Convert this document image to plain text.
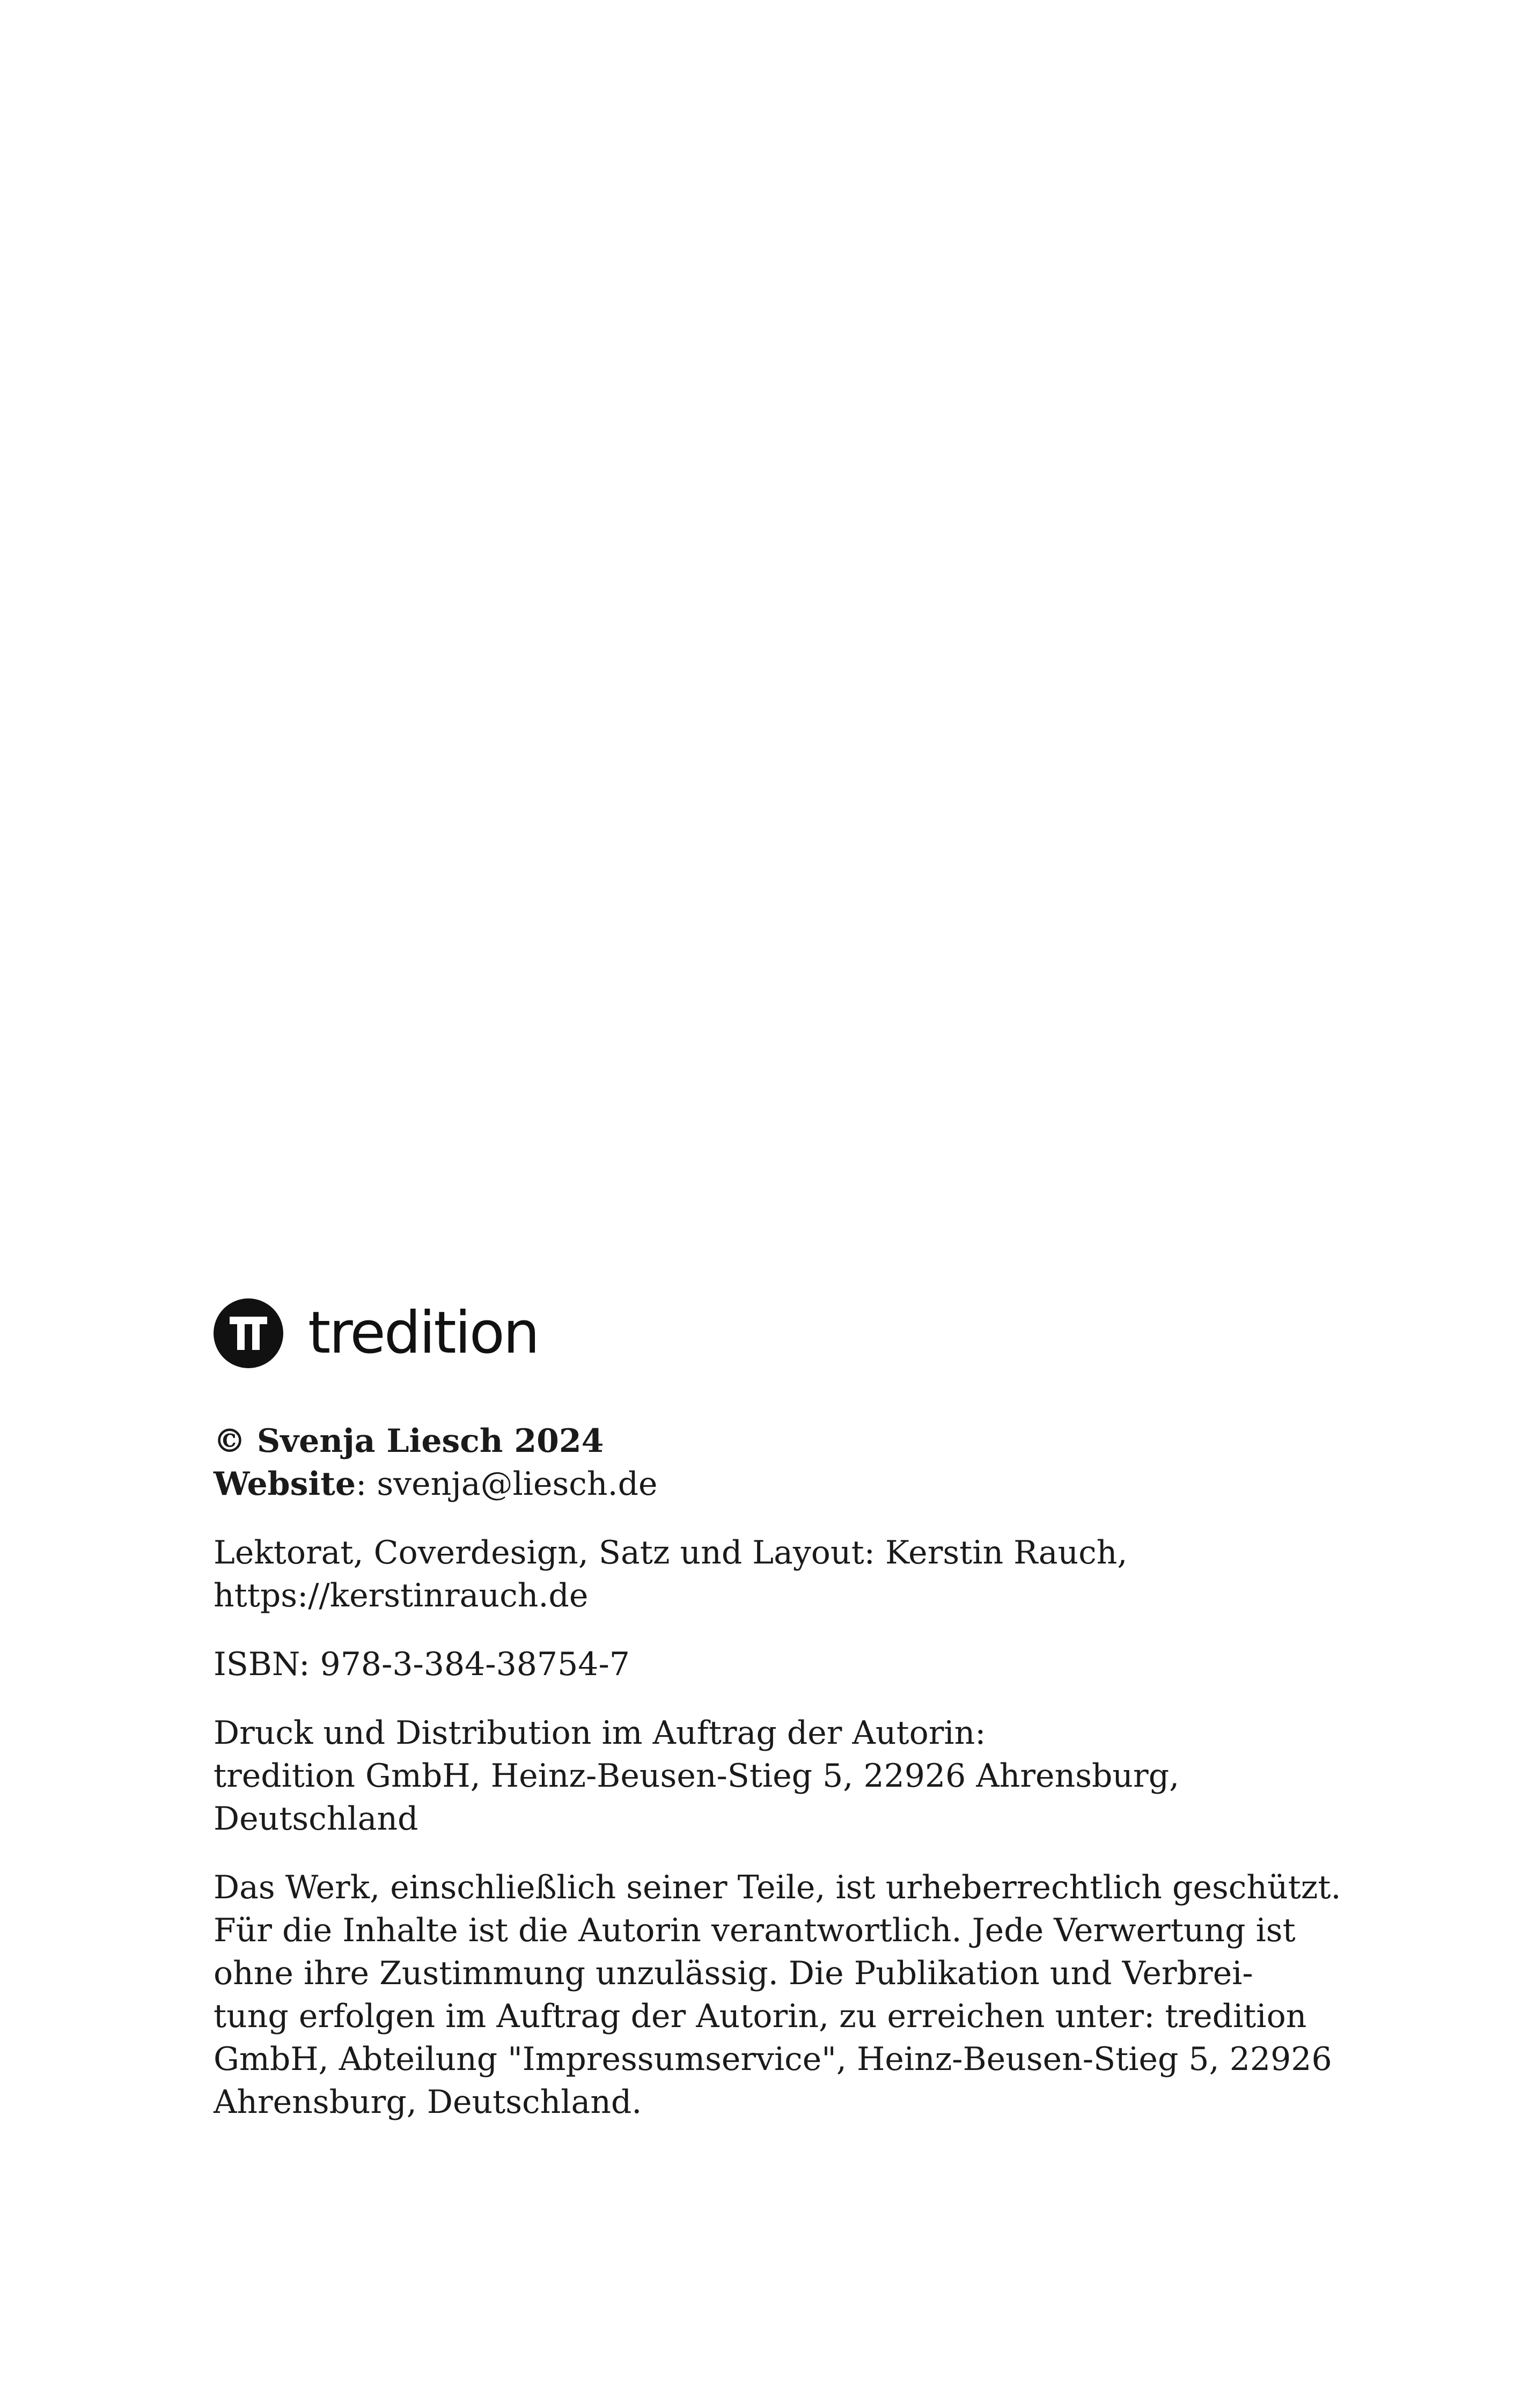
tredition

© Svenja Liesch 2024
Website: svenja@liesch.de

Lektorat, Coverdesign, Satz und Layout: Kerstin Rauch,
https://kerstinrauch.de

ISBN: 978-3-384-38754-7

Druck und Distribution im Auftrag der Autorin:
tredition GmbH, Heinz-Beusen-Stieg 5, 22926 Ahrensburg,
Deutschland

Das Werk, einschließlich seiner Teile, ist urheberrechtlich geschützt.
Für die Inhalte ist die Autorin verantwortlich. Jede Verwertung ist
ohne ihre Zustimmung unzulässig. Die Publikation und Verbrei-
tung erfolgen im Auftrag der Autorin, zu erreichen unter: tredition
GmbH, Abteilung "Impressumservice", Heinz-Beusen-Stieg 5, 22926
Ahrensburg, Deutschland.
